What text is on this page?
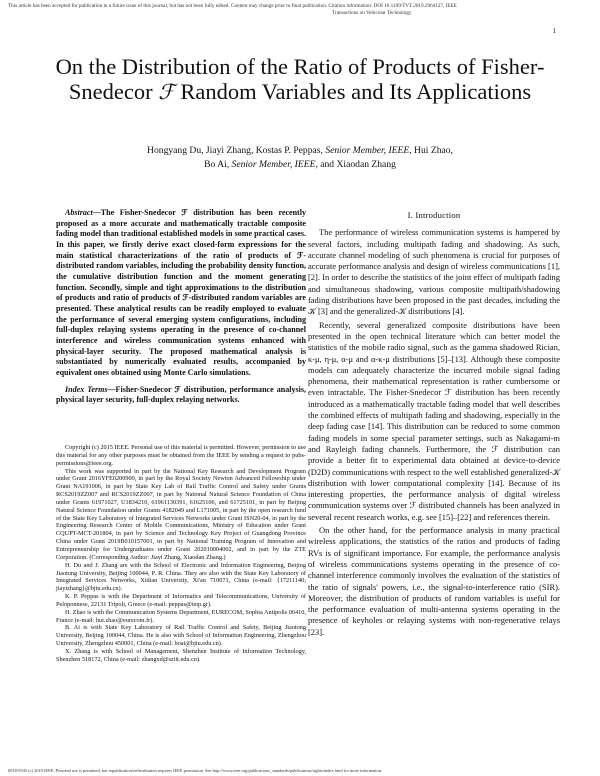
This article has been accepted for publication in a future issue of this journal, but has not been fully edited. Content may change prior to final publication. Citation information: DOI 10.1109/TVT.2019.2964127, IEEE
Transactions on Vehicular Technology
1
On the Distribution of the Ratio of Products of Fisher-Snedecor ℱ Random Variables and Its Applications
Hongyang Du, Jiayi Zhang, Kostas P. Peppas, Senior Member, IEEE, Hui Zhao,
Bo Ai, Senior Member, IEEE, and Xiaodan Zhang

Abstract—The Fisher-Snedecor ℱ distribution has been recently proposed as a more accurate and mathematically tractable composite fading model than traditional established models in some practical cases. In this paper, we firstly derive exact closed-form expressions for the main statistical characterizations of the ratio of products of ℱ-distributed random variables, including the probability density function, the cumulative distribution function and the moment generating function. Secondly, simple and tight approximations to the distribution of products and ratio of products of ℱ-distributed random variables are presented. These analytical results can be readily employed to evaluate the performance of several emerging system configurations, including full-duplex relaying systems operating in the presence of co-channel interference and wireless communication systems enhanced with physical-layer security. The proposed mathematical analysis is substantiated by numerically evaluated results, accompanied by equivalent ones obtained using Monte Carlo simulations.

Index Terms—Fisher-Snedecor ℱ distribution, performance analysis, physical layer security, full-duplex relaying networks.

Copyright (c) 2015 IEEE. Personal use of this material is permitted. However, permission to use this material for any other purposes must be obtained from the IEEE by sending a request to pubs-permissions@ieee.org.

This work was supported in part by the National Key Research and Development Program under Grant 2016YFE0200900, in part by the Royal Society Newton Advanced Fellowship under Grant NA191006, in part by State Key Lab of Rail Traffic Control and Safety under Grants RCS2019ZZ007 and RCS2019ZZ007, in part by National Natural Science Foundation of China under Grants 61971027, U1834210, 61961130391, 61625106, and 61725101, in part by Beijing Natural Science Foundation under Grants 4182049 and L171005, in part by the open research fund of the State Key Laboratory of Integrated Services Networks under Grant ISN20-04, in part by the Engineering Research Center of Mobile Communications, Ministry of Education under Grant CQUPT-MCT-201804, in part by Science and Technology Key Project of Guangdong Province China under Grant 2019B010157001, in part by National Training Program of Innovation and Entrepreneurship for Undergraduates under Grant 202010004002, and in part by the ZTE Corporation. (Corresponding Author: Jiayi Zhang, Xiaodan Zhang.)

H. Du and J. Zhang are with the School of Electronic and Information Engineering, Beijing Jiaotong University, Beijing 100044, P. R. China. They are also with the State Key Laboratory of Integrated Services Networks, Xidian University, Xi'an 710071, China (e-mail: {17211140; jiayizhang}@bjtu.edu.cn).

K. P. Peppas is with the Department of Informatics and Telecommunications, University of Peloponnese, 22131 Tripoli, Greece (e-mail: peppas@uop.gr).

H. Zhao is with the Communication Systems Department, EURECOM, Sophia Antipolis 06410, France (e-mail: hui.zhao@eurecom.fr).

B. Ai is with State Key Laboratory of Rail Traffic Control and Safety, Beijing Jiaotong University, Beijing 100044, China. He is also with School of Information Engineering, Zhengzhou University, Zhengzhou 450001, China (e-mail: boai@bjtu.edu.cn).

X. Zhang is with School of Management, Shenzhen Institute of Information Technology, Shenzhen 518172, China (e-mail: zhangxd@sziit.edu.cn).

I. Introduction

The performance of wireless communication systems is hampered by several factors, including multipath fading and shadowing. As such, accurate channel modeling of such phenomena is crucial for purposes of accurate performance analysis and design of wireless communications [1], [2]. In order to describe the statistics of the joint effect of multipath fading and simultaneous shadowing, various composite multipath/shadowing fading distributions have been proposed in the past decades, including the 𝒦 [3] and the generalized-𝒦 distributions [4].

Recently, several generalized composite distributions have been presented in the open technical literature which can better model the statistics of the mobile radio signal, such as the gamma shadowed Rician, κ-μ, η-μ, α-μ and α-κ-μ distributions [5]–[13]. Although these composite models can adequately characterize the incurred mobile signal fading phenomena, their mathematical representation is rather cumbersome or even intractable. The Fisher-Snedecor ℱ distribution has been recently introduced as a mathematically tractable fading model that well describes the combined effects of multipath fading and shadowing, especially in the deep fading case [14]. This distribution can be reduced to some common fading models in some special parameter settings, such as Nakagami-m and Rayleigh fading channels. Furthermore, the ℱ distribution can provide a better fit to experimental data obtained at device-to-device (D2D) communications with respect to the well established generalized-𝒦 distribution with lower computational complexity [14]. Because of its interesting properties, the performance analysis of digital wireless communication systems over ℱ distributed channels has been analyzed in several recent research works, e.g. see [15]–[22] and references therein.

On the other hand, for the performance analysis in many practical wireless applications, the statistics of the ratios and products of fading RVs is of significant importance. For example, the performance analysis of wireless communications systems operating in the presence of co-channel interference commonly involves the evaluation of the statistics of the ratio of signals' powers, i.e., the signal-to-interference ratio (SIR). Moreover, the distribution of products of random variables is useful for the performance evaluation of multi-antenna systems operating in the presence of keyholes or relaying systems with non-regenerative relays [23].

0018-9545 (c) 2019 IEEE. Personal use is permitted, but republication/redistribution requires IEEE permission. See http://www.ieee.org/publications_standards/publications/rights/index.html for more information.
